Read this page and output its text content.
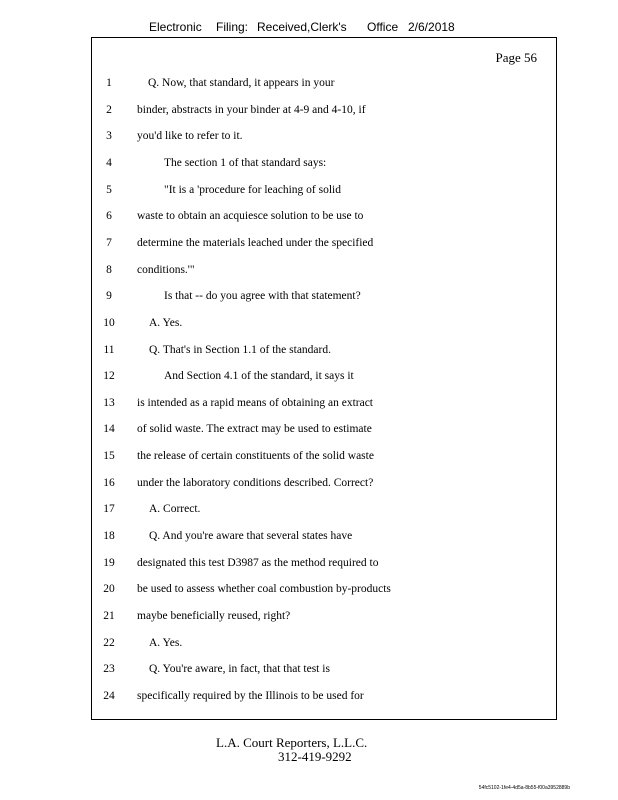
Electronic Filing: Received,Clerk's Office 2/6/2018
Page 56
1	Q. Now, that standard, it appears in your
2	binder, abstracts in your binder at 4-9 and 4-10, if
3	you'd like to refer to it.
4	The section 1 of that standard says:
5	"It is a 'procedure for leaching of solid
6	waste to obtain an acquiesce solution to be use to
7	determine the materials leached under the specified
8	conditions.'"
9	Is that -- do you agree with that statement?
10	A. Yes.
11	Q. That's in Section 1.1 of the standard.
12	And Section 4.1 of the standard, it says it
13	is intended as a rapid means of obtaining an extract
14	of solid waste. The extract may be used to estimate
15	the release of certain constituents of the solid waste
16	under the laboratory conditions described. Correct?
17	A. Correct.
18	Q. And you're aware that several states have
19	designated this test D3987 as the method required to
20	be used to assess whether coal combustion by-products
21	maybe beneficially reused, right?
22	A. Yes.
23	Q. You're aware, in fact, that that test is
24	specifically required by the Illinois to be used for
L.A. Court Reporters, L.L.C.
312-419-9292
54fc5102-1fe4-4d5a-8b55-f00a3952889b
